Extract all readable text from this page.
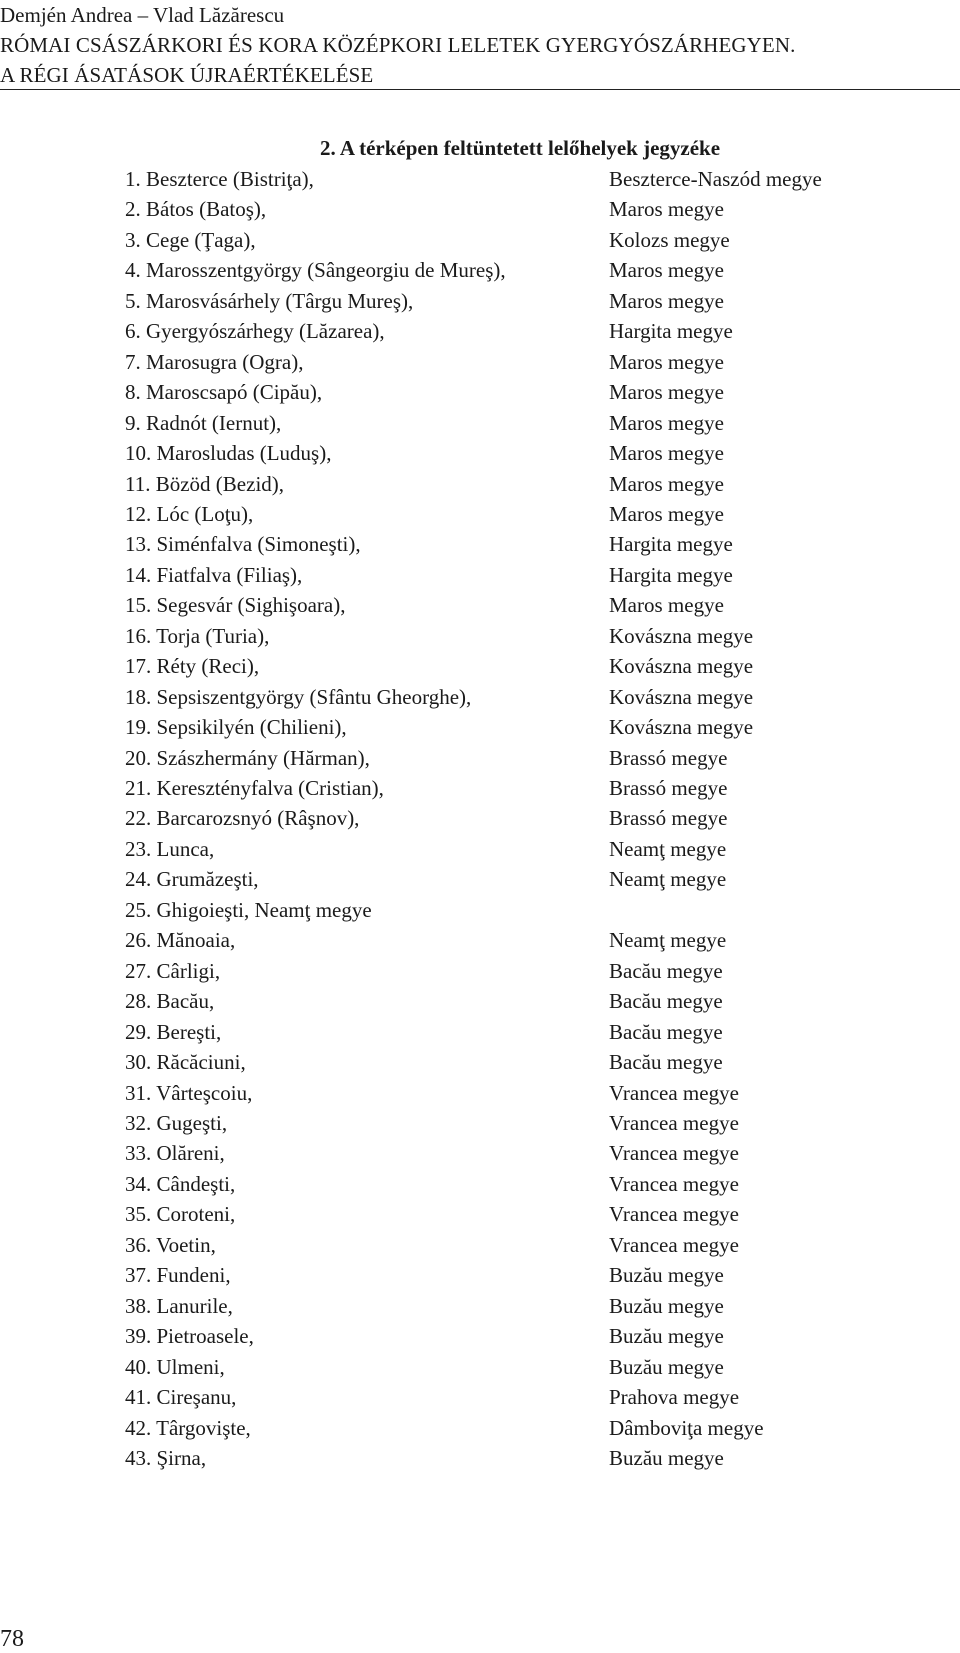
Demjén Andrea – Vlad Lăzărescu
RÓMAI CSÁSZÁRKORI ÉS KORA KÖZÉPKORI LELETEK GYERGYÓSZÁRHEGYEN.
A RÉGI ÁSATÁSOK ÚJRAÉRTÉKELÉSE
2. A térképen feltüntetett lelőhelyek jegyzéke
1. Beszterce (Bistriţa),	Beszterce-Naszód megye
2. Bátos (Batoş),	Maros megye
3. Cege (Ţaga),	Kolozs megye
4. Marosszentgyörgy (Sângeorgiu de Mureş),	Maros megye
5. Marosvásárhely (Târgu Mureş),	Maros megye
6. Gyergyószárhegy (Lăzarea),	Hargita megye
7. Marosugra (Ogra),	Maros megye
8. Maroscsapó (Cipău),	Maros megye
9. Radnót (Iernut),	Maros megye
10. Marosludas (Luduş),	Maros megye
11. Bözöd (Bezid),	Maros megye
12. Lóc (Loţu),	Maros megye
13. Siménfalva (Simoneşti),	Hargita megye
14. Fiatfalva (Filiaş),	Hargita megye
15. Segesvár (Sighişoara),	Maros megye
16. Torja (Turia),	Kovászna megye
17. Réty (Reci),	Kovászna megye
18. Sepsiszentgyörgy (Sfântu Gheorghe),	Kovászna megye
19. Sepsikilyén (Chilieni),	Kovászna megye
20. Szászhermány (Hărman),	Brassó megye
21. Keresztényfalva (Cristian),	Brassó megye
22. Barcarozsnyó (Râşnov),	Brassó megye
23. Lunca,	Neamţ megye
24. Grumăzeşti,	Neamţ megye
25. Ghigoieşti, Neamţ megye
26. Mănoaia,	Neamţ megye
27. Cârligi,	Bacău megye
28. Bacău,	Bacău megye
29. Bereşti,	Bacău megye
30. Răcăciuni,	Bacău megye
31. Vârteşcoiu,	Vrancea megye
32. Gugeşti,	Vrancea megye
33. Olăreni,	Vrancea megye
34. Cândeşti,	Vrancea megye
35. Coroteni,	Vrancea megye
36. Voetin,	Vrancea megye
37. Fundeni,	Buzău megye
38. Lanurile,	Buzău megye
39. Pietroasele,	Buzău megye
40. Ulmeni,	Buzău megye
41. Cireşanu,	Prahova megye
42. Târgovişte,	Dâmboviţa megye
43. Şirna,	Buzău megye
78
